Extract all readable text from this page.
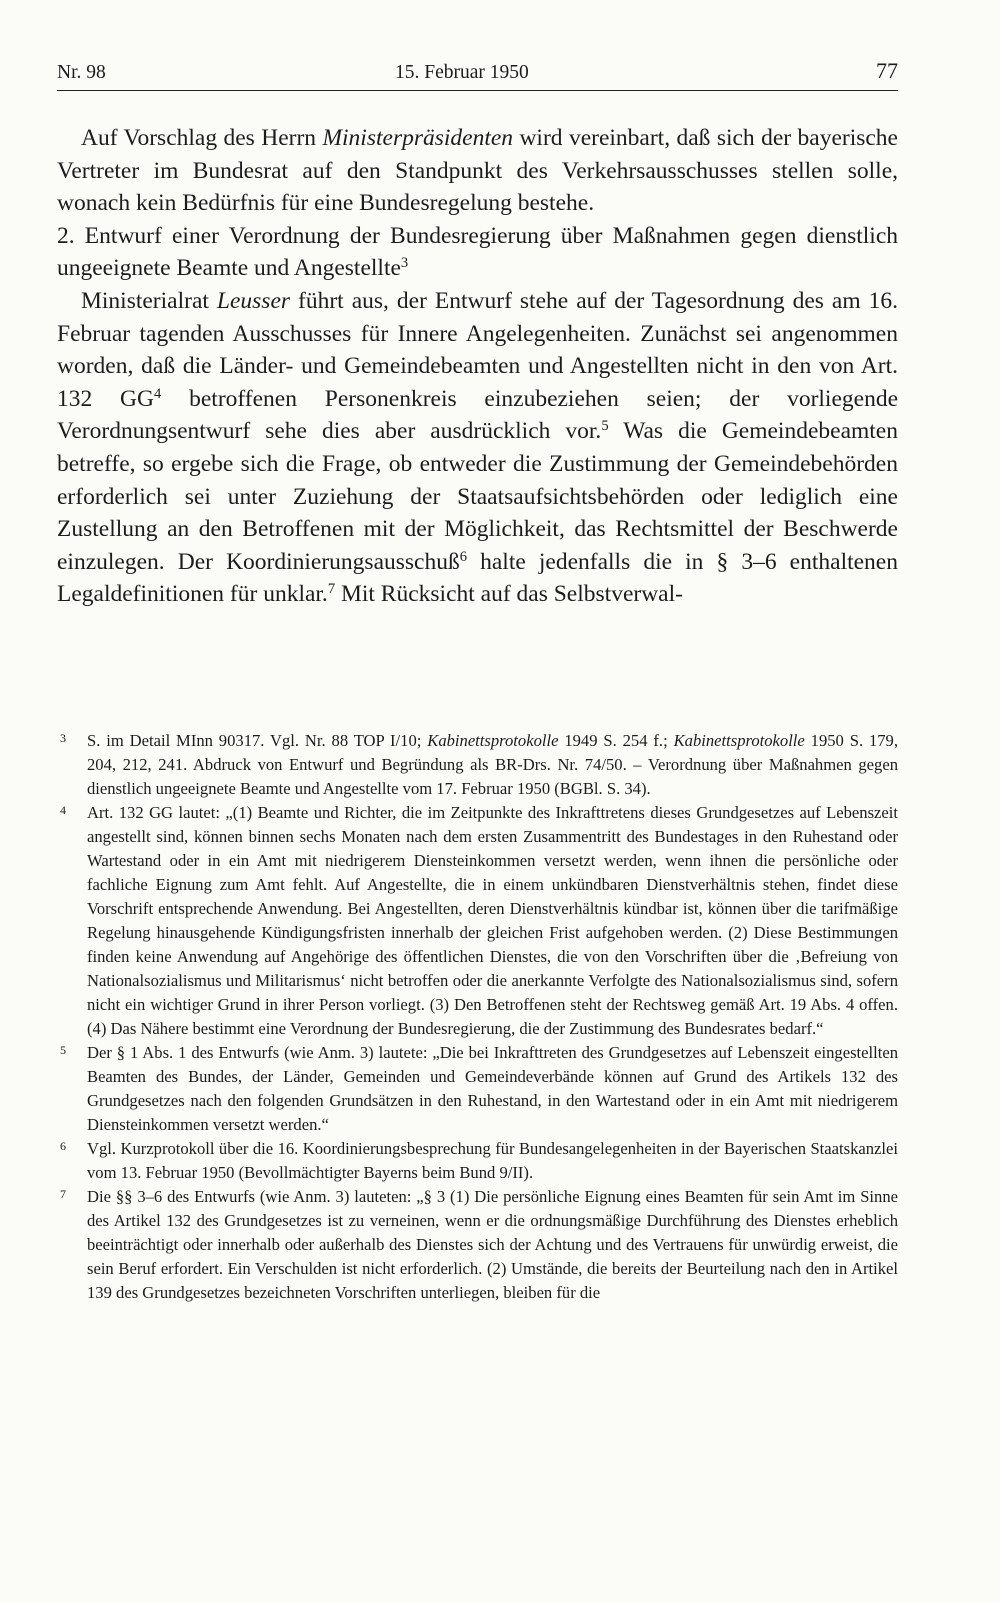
Nr. 98	15. Februar 1950	77

Auf Vorschlag des Herrn Ministerpräsidenten wird vereinbart, daß sich der bayerische Vertreter im Bundesrat auf den Standpunkt des Verkehrsausschusses stellen solle, wonach kein Bedürfnis für eine Bundesregelung bestehe.

2. Entwurf einer Verordnung der Bundesregierung über Maßnahmen gegen dienstlich ungeeignete Beamte und Angestellte$^3$

Ministerialrat Leusser führt aus, der Entwurf stehe auf der Tagesordnung des am 16. Februar tagenden Ausschusses für Innere Angelegenheiten. Zunächst sei angenommen worden, daß die Länder- und Gemeindebeamten und Angestellten nicht in den von Art. 132 $GG^4$ betroffenen Personenkreis einzubeziehen seien; der vorliegende Verordnungsentwurf sehe dies aber ausdrücklich vor.$^5$ Was die Gemeindebeamten betreffe, so ergebe sich die Frage, ob entweder die Zustimmung der Gemeindebehörden erforderlich sei unter Zuziehung der Staatsaufsichtsbehörden oder lediglich eine Zustellung an den Betroffenen mit der Möglichkeit, das Rechtsmittel der Beschwerde einzulegen. Der Koordinierungsausschuß$^6$ halte jedenfalls die in § 3–6 enthaltenen Legaldefinitionen für unklar.$^7$ Mit Rücksicht auf das Selbstverwal-

3 S. im Detail MInn 90317. Vgl. Nr. 88 TOP I/10; Kabinettsprotokolle 1949 S. 254 f.; Kabinettsprotokolle 1950 S. 179, 204, 212, 241. Abdruck von Entwurf und Begründung als BR-Drs. Nr. 74/50. – Verordnung über Maßnahmen gegen dienstlich ungeeignete Beamte und Angestellte vom 17. Februar 1950 (BGBl. S. 34).

4 Art. 132 GG lautet: „(1) Beamte und Richter, die im Zeitpunkte des Inkrafttretens dieses Grundgesetzes auf Lebenszeit angestellt sind, können binnen sechs Monaten nach dem ersten Zusammentritt des Bundestages in den Ruhestand oder Wartestand oder in ein Amt mit niedrigerem Diensteinkommen versetzt werden, wenn ihnen die persönliche oder fachliche Eignung zum Amt fehlt. Auf Angestellte, die in einem unkündbaren Dienstverhältnis stehen, findet diese Vorschrift entsprechende Anwendung. Bei Angestellten, deren Dienstverhältnis kündbar ist, können über die tarifmäßige Regelung hinausgehende Kündigungsfristen innerhalb der gleichen Frist aufgehoben werden. (2) Diese Bestimmungen finden keine Anwendung auf Angehörige des öffentlichen Dienstes, die von den Vorschriften über die ‚Befreiung von Nationalsozialismus und Militarismus‘ nicht betroffen oder die anerkannte Verfolgte des Nationalsozialismus sind, sofern nicht ein wichtiger Grund in ihrer Person vorliegt. (3) Den Betroffenen steht der Rechtsweg gemäß Art. 19 Abs. 4 offen. (4) Das Nähere bestimmt eine Verordnung der Bundesregierung, die der Zustimmung des Bundesrates bedarf.“

5 Der § 1 Abs. 1 des Entwurfs (wie Anm. 3) lautete: „Die bei Inkrafttreten des Grundgesetzes auf Lebenszeit eingestellten Beamten des Bundes, der Länder, Gemeinden und Gemeindeverbände können auf Grund des Artikels 132 des Grundgesetzes nach den folgenden Grundsätzen in den Ruhestand, in den Wartestand oder in ein Amt mit niedrigerem Diensteinkommen versetzt werden.“

6 Vgl. Kurzprotokoll über die 16. Koordinierungsbesprechung für Bundesangelegenheiten in der Bayerischen Staatskanzlei vom 13. Februar 1950 (Bevollmächtigter Bayerns beim Bund 9/II).

7 Die §§ 3–6 des Entwurfs (wie Anm. 3) lauteten: „§ 3 (1) Die persönliche Eignung eines Beamten für sein Amt im Sinne des Artikel 132 des Grundgesetzes ist zu verneinen, wenn er die ordnungsmäßige Durchführung des Dienstes erheblich beeinträchtigt oder innerhalb oder außerhalb des Dienstes sich der Achtung und des Vertrauens für unwürdig erweist, die sein Beruf erfordert. Ein Verschulden ist nicht erforderlich. (2) Umstände, die bereits der Beurteilung nach den in Artikel 139 des Grundgesetzes bezeichneten Vorschriften unterliegen, bleiben für die
